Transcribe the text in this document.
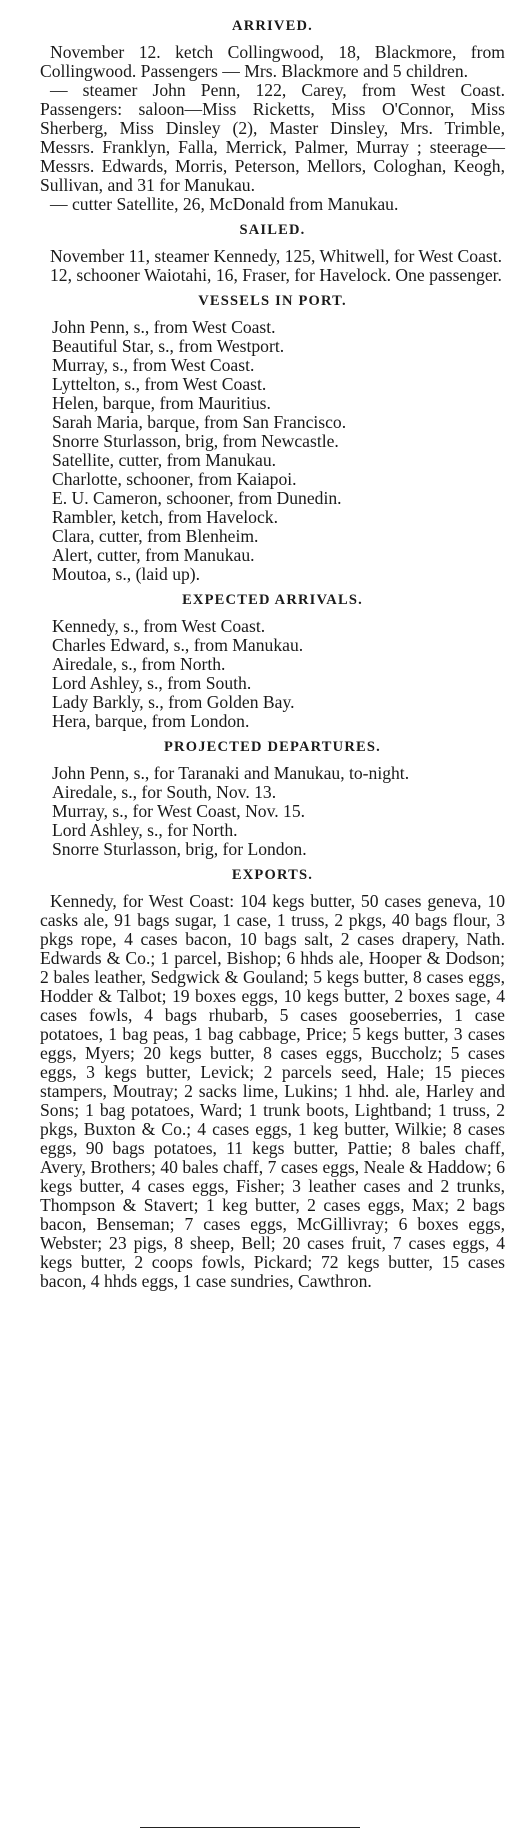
ARRIVED.

November 12. ketch Collingwood, 18, Blackmore, from Collingwood. Passengers — Mrs. Blackmore and 5 children.

— steamer John Penn, 122, Carey, from West Coast. Passengers: saloon—Miss Ricketts, Miss O'Connor, Miss Sherberg, Miss Dinsley (2), Master Dinsley, Mrs. Trimble, Messrs. Franklyn, Falla, Merrick, Palmer, Murray ; steerage—Messrs. Edwards, Morris, Peterson, Mellors, Cologhan, Keogh, Sullivan, and 31 for Manukau.

— cutter Satellite, 26, McDonald from Manukau.

SAILED.

November 11, steamer Kennedy, 125, Whitwell, for West Coast.

12, schooner Waiotahi, 16, Fraser, for Havelock. One passenger.

VESSELS IN PORT.
John Penn, s., from West Coast.
Beautiful Star, s., from Westport.
Murray, s., from West Coast.
Lyttelton, s., from West Coast.
Helen, barque, from Mauritius.
Sarah Maria, barque, from San Francisco.
Snorre Sturlasson, brig, from Newcastle.
Satellite, cutter, from Manukau.
Charlotte, schooner, from Kaiapoi.
E. U. Cameron, schooner, from Dunedin.
Rambler, ketch, from Havelock.
Clara, cutter, from Blenheim.
Alert, cutter, from Manukau.
Moutoa, s., (laid up).
EXPECTED ARRIVALS.
Kennedy, s., from West Coast.
Charles Edward, s., from Manukau.
Airedale, s., from North.
Lord Ashley, s., from South.
Lady Barkly, s., from Golden Bay.
Hera, barque, from London.
PROJECTED DEPARTURES.
John Penn, s., for Taranaki and Manukau, to-night.
Airedale, s., for South, Nov. 13.
Murray, s., for West Coast, Nov. 15.
Lord Ashley, s., for North.
Snorre Sturlasson, brig, for London.
EXPORTS.

Kennedy, for West Coast: 104 kegs butter, 50 cases geneva, 10 casks ale, 91 bags sugar, 1 case, 1 truss, 2 pkgs, 40 bags flour, 3 pkgs rope, 4 cases bacon, 10 bags salt, 2 cases drapery, Nath. Edwards & Co.; 1 parcel, Bishop; 6 hhds ale, Hooper & Dodson; 2 bales leather, Sedgwick & Gouland; 5 kegs butter, 8 cases eggs, Hodder & Talbot; 19 boxes eggs, 10 kegs butter, 2 boxes sage, 4 cases fowls, 4 bags rhubarb, 5 cases gooseberries, 1 case potatoes, 1 bag peas, 1 bag cabbage, Price; 5 kegs butter, 3 cases eggs, Myers; 20 kegs butter, 8 cases eggs, Buccholz; 5 cases eggs, 3 kegs butter, Levick; 2 parcels seed, Hale; 15 pieces stampers, Moutray; 2 sacks lime, Lukins; 1 hhd. ale, Harley and Sons; 1 bag potatoes, Ward; 1 trunk boots, Lightband; 1 truss, 2 pkgs, Buxton & Co.; 4 cases eggs, 1 keg butter, Wilkie; 8 cases eggs, 90 bags potatoes, 11 kegs butter, Pattie; 8 bales chaff, Avery, Brothers; 40 bales chaff, 7 cases eggs, Neale & Haddow; 6 kegs butter, 4 cases eggs, Fisher; 3 leather cases and 2 trunks, Thompson & Stavert; 1 keg butter, 2 cases eggs, Max; 2 bags bacon, Benseman; 7 cases eggs, McGillivray; 6 boxes eggs, Webster; 23 pigs, 8 sheep, Bell; 20 cases fruit, 7 cases eggs, 4 kegs butter, 2 coops fowls, Pickard; 72 kegs butter, 15 cases bacon, 4 hhds eggs, 1 case sundries, Cawthron.
